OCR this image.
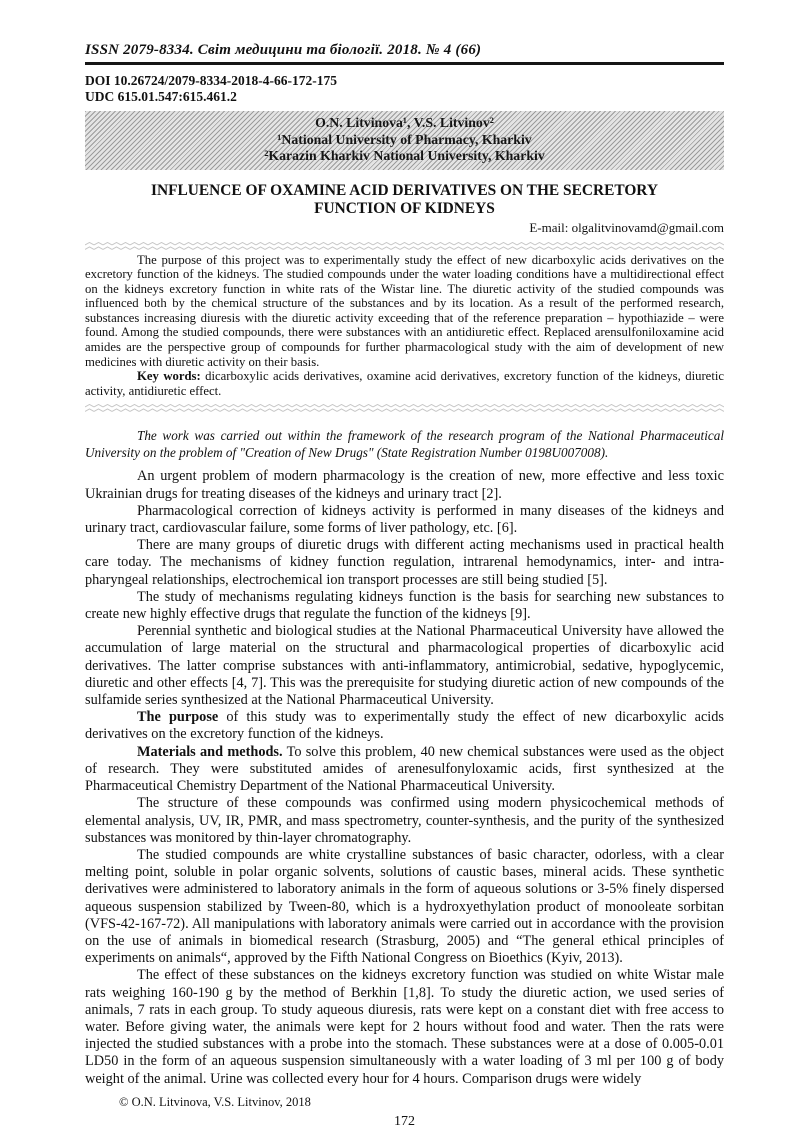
ISSN 2079-8334. Світ медицини та біології. 2018. № 4 (66)
DOI 10.26724/2079-8334-2018-4-66-172-175
UDC 615.01.547:615.461.2
O.N. Litvinova¹, V.S. Litvinov²
¹National University of Pharmacy, Kharkiv
²Karazin Kharkiv National University, Kharkiv
INFLUENCE OF OXAMINE ACID DERIVATIVES ON THE SECRETORY FUNCTION OF KIDNEYS
E-mail: olgalitvinovamd@gmail.com

The purpose of this project was to experimentally study the effect of new dicarboxylic acids derivatives on the excretory function of the kidneys. The studied compounds under the water loading conditions have a multidirectional effect on the kidneys excretory function in white rats of the Wistar line. The diuretic activity of the studied compounds was influenced both by the chemical structure of the substances and by its location. As a result of the performed research, substances increasing diuresis with the diuretic activity exceeding that of the reference preparation – hypothiazide – were found. Among the studied compounds, there were substances with an antidiuretic effect. Replaced arensulfoniloxamine acid amides are the perspective group of compounds for further pharmacological study with the aim of development of new medicines with diuretic activity on their basis.

Key words: dicarboxylic acids derivatives, oxamine acid derivatives, excretory function of the kidneys, diuretic activity, antidiuretic effect.

The work was carried out within the framework of the research program of the National Pharmaceutical University on the problem of "Creation of New Drugs" (State Registration Number 0198U007008).

An urgent problem of modern pharmacology is the creation of new, more effective and less toxic Ukrainian drugs for treating diseases of the kidneys and urinary tract [2].

Pharmacological correction of kidneys activity is performed in many diseases of the kidneys and urinary tract, cardiovascular failure, some forms of liver pathology, etc. [6].

There are many groups of diuretic drugs with different acting mechanisms used in practical health care today. The mechanisms of kidney function regulation, intrarenal hemodynamics, inter- and intra-pharyngeal relationships, electrochemical ion transport processes are still being studied [5].

The study of mechanisms regulating kidneys function is the basis for searching new substances to create new highly effective drugs that regulate the function of the kidneys [9].

Perennial synthetic and biological studies at the National Pharmaceutical University have allowed the accumulation of large material on the structural and pharmacological properties of dicarboxylic acid derivatives. The latter comprise substances with anti-inflammatory, antimicrobial, sedative, hypoglycemic, diuretic and other effects [4, 7]. This was the prerequisite for studying diuretic action of new compounds of the sulfamide series synthesized at the National Pharmaceutical University.

The purpose of this study was to experimentally study the effect of new dicarboxylic acids derivatives on the excretory function of the kidneys.

Materials and methods. To solve this problem, 40 new chemical substances were used as the object of research. They were substituted amides of arenesulfonyloxamic acids, first synthesized at the Pharmaceutical Chemistry Department of the National Pharmaceutical University.

The structure of these compounds was confirmed using modern physicochemical methods of elemental analysis, UV, IR, PMR, and mass spectrometry, counter-synthesis, and the purity of the synthesized substances was monitored by thin-layer chromatography.

The studied compounds are white crystalline substances of basic character, odorless, with a clear melting point, soluble in polar organic solvents, solutions of caustic bases, mineral acids. These synthetic derivatives were administered to laboratory animals in the form of aqueous solutions or 3-5% finely dispersed aqueous suspension stabilized by Tween-80, which is a hydroxyethylation product of monooleate sorbitan (VFS-42-167-72). All manipulations with laboratory animals were carried out in accordance with the provision on the use of animals in biomedical research (Strasburg, 2005) and “The general ethical principles of experiments on animals“, approved by the Fifth National Congress on Bioethics (Kyiv, 2013).

The effect of these substances on the kidneys excretory function was studied on white Wistar male rats weighing 160-190 g by the method of Berkhin [1,8]. To study the diuretic action, we used series of animals, 7 rats in each group. To study aqueous diuresis, rats were kept on a constant diet with free access to water. Before giving water, the animals were kept for 2 hours without food and water. Then the rats were injected the studied substances with a probe into the stomach. These substances were at a dose of 0.005-0.01 LD50 in the form of an aqueous suspension simultaneously with a water loading of 3 ml per 100 g of body weight of the animal. Urine was collected every hour for 4 hours. Comparison drugs were widely

© O.N. Litvinova, V.S. Litvinov, 2018
172
